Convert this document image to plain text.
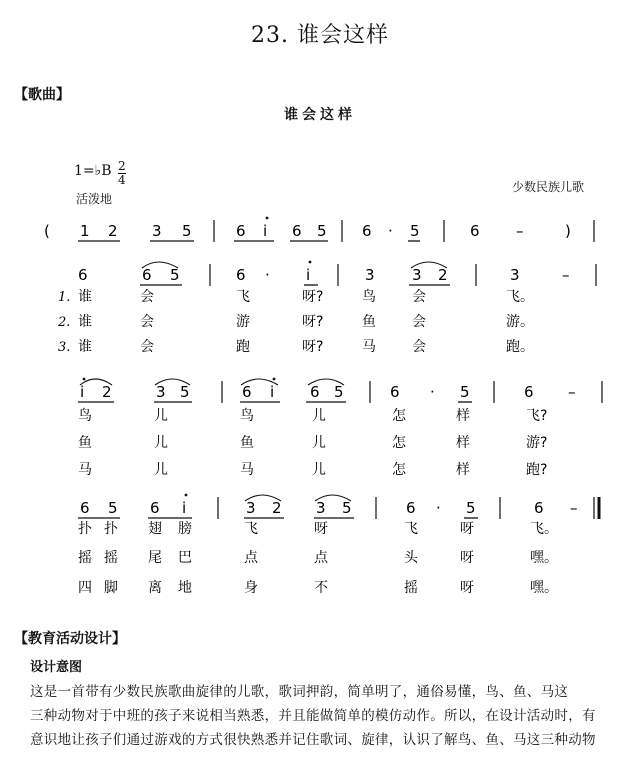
23. 谁会这样
【歌曲】
谁会这样
1=♭B 2
4
活泼地
少数民族儿歌
( 1 2 3 5	6 i 6 5 6 · 5	6 –	)
6	6 5	6 · i	3 3 2	3	–
1. 谁	会	飞	呀?	鸟	会	飞。
2. 谁	会	游	呀?	鱼	会	游。
3. 谁	会	跑	呀?	马	会	跑。
i 2	3 5	6 i 6 5	6 · 5	6 –
鸟	儿	鸟	儿	怎	样	飞?
鱼	儿	鱼	儿	怎	样	游?
马	儿	马	儿	怎	样	跑?
6 5 6 i	3 2 3 5	6 · 5	6 –
扑 扑 翅 膀	飞	呀	飞	呀	飞。
摇 摇 尾 巴	点	点	头	呀	嘿。
四 脚 离 地	身	不	摇	呀	嘿。
【教育活动设计】
设计意图
这是一首带有少数民族歌曲旋律的儿歌，歌词押韵，简单明了，通俗易懂，鸟、鱼、马这
三种动物对于中班的孩子来说相当熟悉，并且能做简单的模仿动作。所以，在设计活动时，有
意识地让孩子们通过游戏的方式很快熟悉并记住歌词、旋律，认识了解鸟、鱼、马这三种动物
